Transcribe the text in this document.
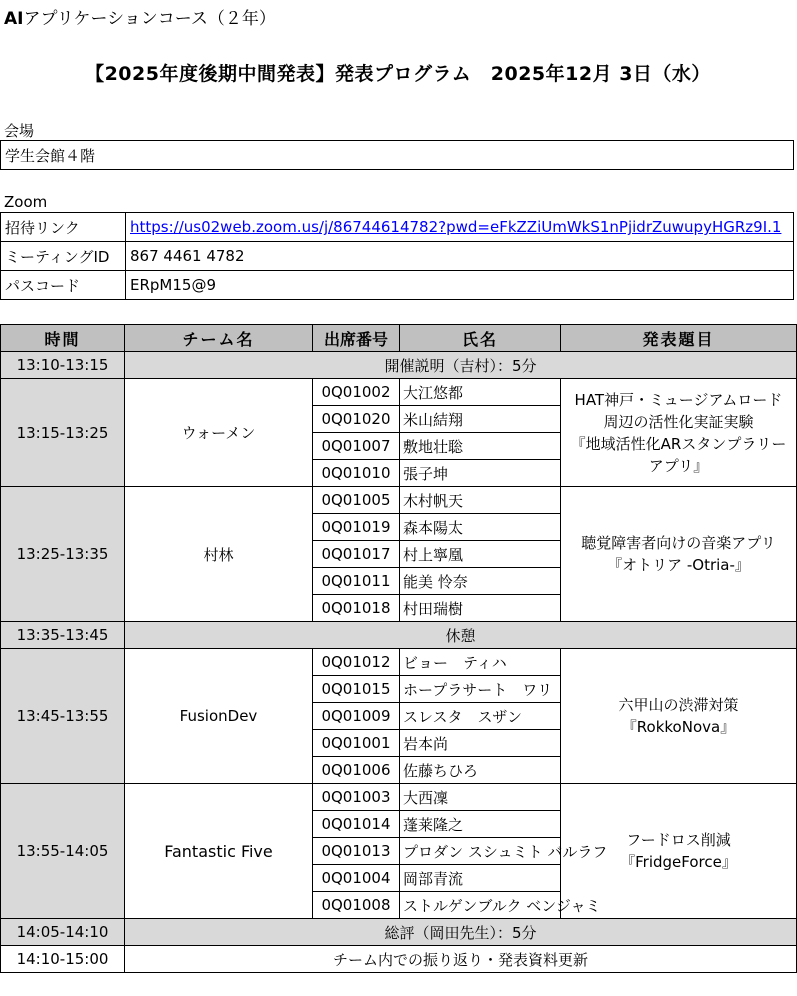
AIアプリケーションコース（２年）
【2025年度後期中間発表】発表プログラム　2025年12月 3日（水）
会場
学生会館４階
Zoom
招待リンク	https://us02web.zoom.us/j/86744614782?pwd=eFkZZiUmWkS1nPjidrZuwupyHGRz9I.1
ミーティングID	867 4461 4782
パスコード	ERpM15@9
時間	チーム名	出席番号	氏名	発表題目
13:10-13:15	開催説明（吉村）：5分			
13:15-13:25	ウォーメン	0Q01002	大江悠都	HAT神戸・ミュージアムロード周辺の活性化実証実験
『地域活性化ARスタンプラリーアプリ』

		0Q01020	米山結翔	
		0Q01007	敷地壮聡	
		0Q01010	張子坤	
13:25-13:35	村林	0Q01005	木村帆天	聴覚障害者向けの音楽アプリ
『オトリア -Otria-』

		0Q01019	森本陽太	
		0Q01017	村上寧凰	
		0Q01011	能美 怜奈	
		0Q01018	村田瑞樹	
13:35-13:45	休憩			
13:45-13:55	FusionDev	0Q01012	ビョー　ティハ	六甲山の渋滞対策
『RokkoNova』

		0Q01015	ホープラサート　ワリ	
		0Q01009	スレスタ　スザン	
		0Q01001	岩本尚	
		0Q01006	佐藤ちひろ	
13:55-14:05	Fantastic Five	0Q01003	大西凜	フードロス削減
『FridgeForce』

		0Q01014	蓬莱隆之	
		0Q01013	プロダン スシュミト バルラフ	
		0Q01004	岡部青流	
		0Q01008	ストルゲンブルク ベンジャミ	
14:05-14:10	総評（岡田先生）：5分			
14:10-15:00	チーム内での振り返り・発表資料更新			
